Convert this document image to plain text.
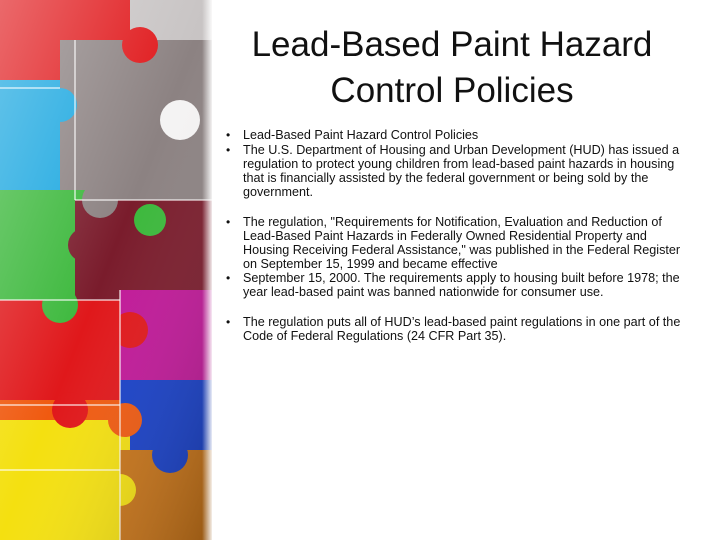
Lead-Based Paint Hazard
Control Policies
• Lead-Based Paint Hazard Control Policies
• The U.S. Department of Housing and Urban Development (HUD) has issued a regulation to protect young children from lead-based paint hazards in housing that is financially assisted by the federal government or being sold by the government.
• The regulation, "Requirements for Notification, Evaluation and Reduction of Lead-Based Paint Hazards in Federally Owned Residential Property and Housing Receiving Federal Assistance," was published in the Federal Register on September 15, 1999 and became effective
• September 15, 2000. The requirements apply to housing built before 1978; the year lead-based paint was banned nationwide for consumer use.
• The regulation puts all of HUD’s lead-based paint regulations in one part of the Code of Federal Regulations (24 CFR Part 35).
